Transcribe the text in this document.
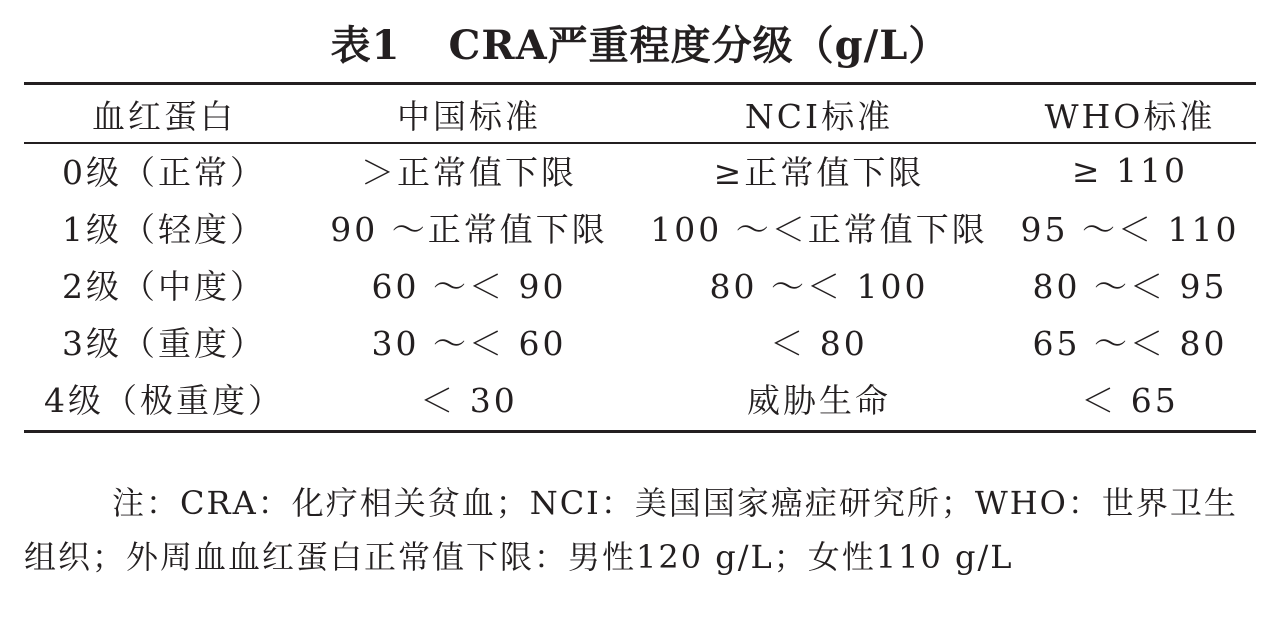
表1 CRA严重程度分级（g/L）
血红蛋白	中国标准	NCI标准	WHO标准
0级（正常）	＞正常值下限	≥正常值下限	≥ 110
1级（轻度）	90 ～正常值下限	100 ～＜正常值下限	95 ～＜ 110
2级（中度）	60 ～＜ 90	80 ～＜ 100	80 ～＜ 95
3级（重度）	30 ～＜ 60	＜ 80	65 ～＜ 80
4级（极重度）	＜ 30	威胁生命	＜ 65

注：CRA：化疗相关贫血；NCI：美国国家癌症研究所；WHO：世界卫生组织；外周血血红蛋白正常值下限：男性120 g/L；女性110 g/L
